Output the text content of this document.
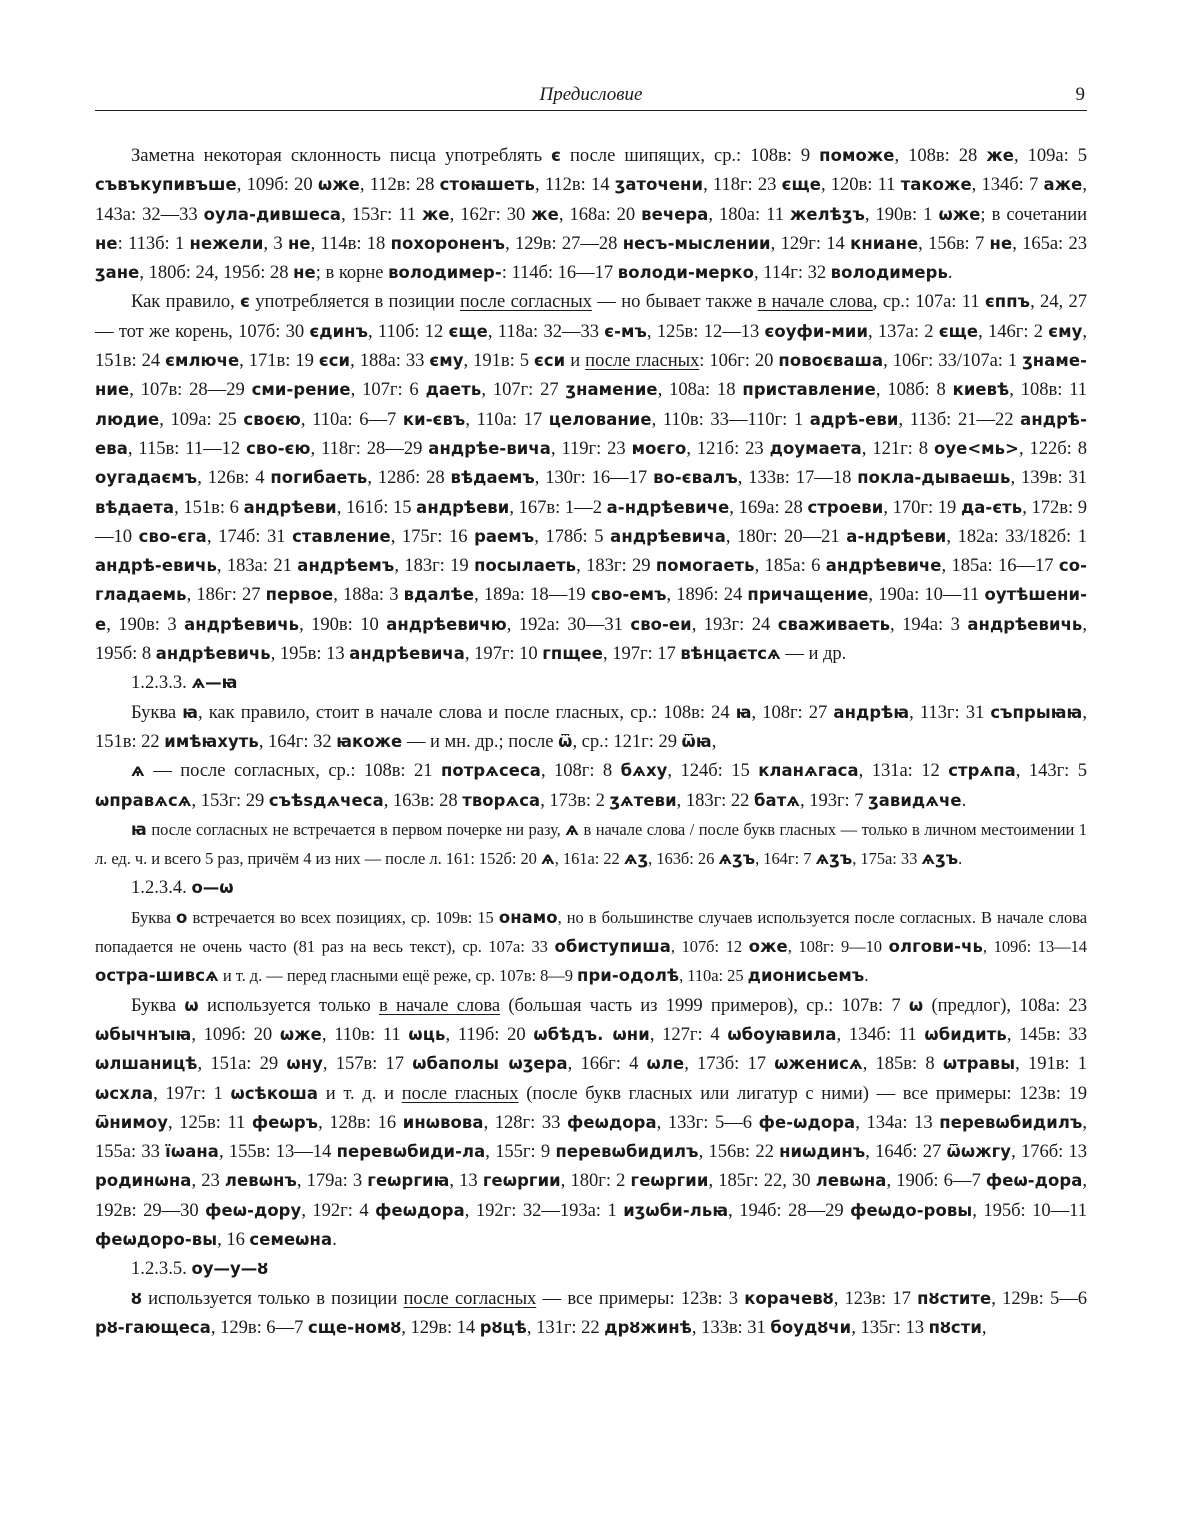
Предисловие	9

Заметна некоторая склонность писца употреблять є после шипящих, ср.: 108в: 9 поможе, 108в: 28 же, 109а: 5 съвъкупивъше, 109б: 20 ѡже, 112в: 28 стоꙗшеть, 112в: 14 ӡаточени, 118г: 23 єще, 120в: 11 такоже, 134б: 7 аже, 143а: 32—33 оула-дившеса, 153г: 11 же, 162г: 30 же, 168а: 20 вечера, 180а: 11 желѣӡъ, 190в: 1 ѡже; в сочетании не: 113б: 1 нежели, 3 не, 114в: 18 похороненъ, 129в: 27—28 несъ-мыслении, 129г: 14 книане, 156в: 7 не, 165а: 23 ӡане, 180б: 24, 195б: 28 не; в корне володимер-: 114б: 16—17 володи-мерко, 114г: 32 володимерь.

Как правило, є употребляется в позиции после согласных — но бывает также в начале слова, ср.: 107а: 11 єппъ, 24, 27 — тот же корень, 107б: 30 єдинъ, 110б: 12 єще, 118а: 32—33 є-мъ, 125в: 12—13 єоуфи-мии, 137а: 2 єще, 146г: 2 єму, 151в: 24 ємлюче, 171в: 19 єси, 188а: 33 єму, 191в: 5 єси и после гласных: 106г: 20 повоєваша, 106г: 33/107а: 1 ӡнаме-ние, 107в: 28—29 сми-рение, 107г: 6 даеть, 107г: 27 ӡнамение, 108а: 18 приставление, 108б: 8 киевѣ, 108в: 11 людие, 109а: 25 своєю, 110а: 6—7 ки-євъ, 110а: 17 целование, 110в: 33—110г: 1 адрѣ-еви, 113б: 21—22 андрѣ-ева, 115в: 11—12 сво-єю, 118г: 28—29 андрѣе-вича, 119г: 23 моєго, 121б: 23 доумаета, 121г: 8 оуе<мь>, 122б: 8 оугадаємъ, 126в: 4 погибаеть, 128б: 28 вѣдаемъ, 130г: 16—17 во-євалъ, 133в: 17—18 покла-дываешь, 139в: 31 вѣдаета, 151в: 6 андрѣеви, 161б: 15 андрѣеви, 167в: 1—2 а-ндрѣевиче, 169а: 28 строеви, 170г: 19 да-єть, 172в: 9—10 сво-єга, 174б: 31 ставление, 175г: 16 раемъ, 178б: 5 андрѣевича, 180г: 20—21 а-ндрѣеви, 182а: 33/182б: 1 андрѣ-евичь, 183а: 21 андрѣемъ, 183г: 19 посылаеть, 183г: 29 помогаеть, 185а: 6 андрѣевиче, 185а: 16—17 со-гладаемь, 186г: 27 первое, 188а: 3 вдалѣе, 189а: 18—19 сво-емъ, 189б: 24 причащение, 190а: 10—11 оутѣшени-е, 190в: 3 андрѣевичь, 190в: 10 андрѣевичю, 192а: 30—31 сво-еи, 193г: 24 сваживаеть, 194а: 3 андрѣевичь, 195б: 8 андрѣевичь, 195в: 13 андрѣевича, 197г: 10 гпщее, 197г: 17 вѣнцаєтсѧ — и др.

1.2.3.3. ѧ—ꙗ

Буква ꙗ, как правило, стоит в начале слова и после гласных, ср.: 108в: 24 ꙗ, 108г: 27 андрѣꙗ, 113г: 31 съпрыꙗꙗ, 151в: 22 имѣꙗхуть, 164г: 32 ꙗкоже — и мн. др.; после ѿ, ср.: 121г: 29 ѿꙗ,

ѧ — после согласных, ср.: 108в: 21 потрѧсеса, 108г: 8 бѧху, 124б: 15 кланѧгаса, 131а: 12 стрѧпа, 143г: 5 ѡправѧсѧ, 153г: 29 съѣѕдѧчеса, 163в: 28 творѧса, 173в: 2 ӡѧтеви, 183г: 22 батѧ, 193г: 7 ӡавидѧче.

ꙗ после согласных не встречается в первом почерке ни разу, ѧ в начале слова / после букв гласных — только в личном местоимении 1 л. ед. ч. и всего 5 раз, причём 4 из них — после л. 161: 152б: 20 ѧ, 161а: 22 ѧӡ, 163б: 26 ѧӡъ, 164г: 7 ѧӡъ, 175а: 33 ѧӡъ.

1.2.3.4. о—ѡ

Буква о встречается во всех позициях, ср. 109в: 15 онамо, но в большинстве случаев используется после согласных. В начале слова попадается не очень часто (81 раз на весь текст), ср. 107а: 33 обиступиша, 107б: 12 оже, 108г: 9—10 олгови-чь, 109б: 13—14 остра-шивсѧ и т. д. — перед гласными ещё реже, ср. 107в: 8—9 при-одолѣ, 110а: 25 дионисьемъ.

Буква ѡ используется только в начале слова (большая часть из 1999 примеров), ср.: 107в: 7 ѡ (предлог), 108а: 23 ѡбычнꙑꙗ, 109б: 20 ѡже, 110в: 11 ѡць, 119б: 20 ѡбѣдъ. ѡни, 127г: 4 ѡбоуꙗвила, 134б: 11 ѡбидить, 145в: 33 ѡлшаницѣ, 151а: 29 ѡну, 157в: 17 ѡбаполы ѡӡера, 166г: 4 ѡле, 173б: 17 ѡженисѧ, 185в: 8 ѡтравы, 191в: 1 ѡсхла, 197г: 1 ѡсѣкоша и т. д. и после гласных (после букв гласных или лигатур с ними) — все примеры: 123в: 19 ѿнимоу, 125в: 11 феѡръ, 128в: 16 инѡвова, 128г: 33 феѡдора, 133г: 5—6 фе-ѡдора, 134а: 13 перевѡбидилъ, 155а: 33 їѡана, 155в: 13—14 перевѡбиди-ла, 155г: 9 перевѡбидилъ, 156в: 22 ниѡдинъ, 164б: 27 ѿѡжгу, 176б: 13 родинѡна, 23 левѡнъ, 179а: 3 геѡргиꙗ, 13 геѡргии, 180г: 2 геѡргии, 185г: 22, 30 левѡна, 190б: 6—7 феѡ-дора, 192в: 29—30 феѡ-дору, 192г: 4 феѡдора, 192г: 32—193а: 1 иӡѡби-льꙗ, 194б: 28—29 феѡдо-ровы, 195б: 10—11 феѡдоро-вы, 16 семеѡна.

1.2.3.5. оу—у—ȣ

ȣ используется только в позиции после согласных — все примеры: 123в: 3 корачевȣ, 123в: 17 пȣстите, 129в: 5—6 рȣ-гающеса, 129в: 6—7 сще-номȣ, 129в: 14 рȣцѣ, 131г: 22 дрȣжинѣ, 133в: 31 боудȣчи, 135г: 13 пȣсти,
